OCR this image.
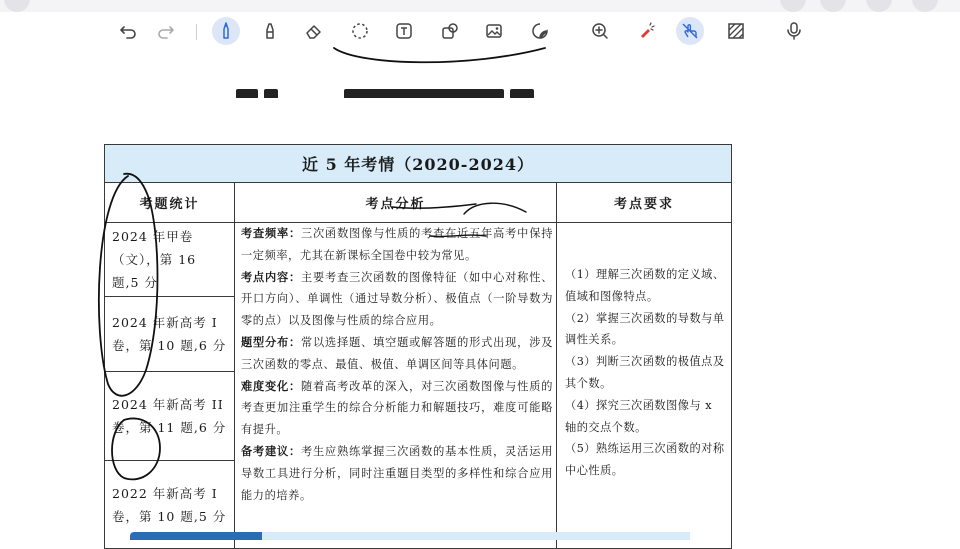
近 5 年考情（2020-2024）
考题统计	考点分析	考点要求
2024 年甲卷（文），第 16 题,5 分
2024 年新高考 I 卷，第 10 题,6 分
2024 年新高考 II 卷，第 11 题,6 分
2022 年新高考 I 卷，第 10 题,5 分
考查频率：三次函数图像与性质的考查在近五年高考中保持一定频率，尤其在新课标全国卷中较为常见。
考点内容：主要考查三次函数的图像特征（如中心对称性、开口方向）、单调性（通过导数分析）、极值点（一阶导数为零的点）以及图像与性质的综合应用。
题型分布：常以选择题、填空题或解答题的形式出现，涉及三次函数的零点、最值、极值、单调区间等具体问题。
难度变化：随着高考改革的深入，对三次函数图像与性质的考查更加注重学生的综合分析能力和解题技巧，难度可能略有提升。
备考建议：考生应熟练掌握三次函数的基本性质，灵活运用导数工具进行分析，同时注重题目类型的多样性和综合应用能力的培养。
（1）理解三次函数的定义域、值域和图像特点。
（2）掌握三次函数的导数与单调性关系。
（3）判断三次函数的极值点及其个数。
（4）探究三次函数图像与 x 轴的交点个数。
（5）熟练运用三次函数的对称中心性质。
